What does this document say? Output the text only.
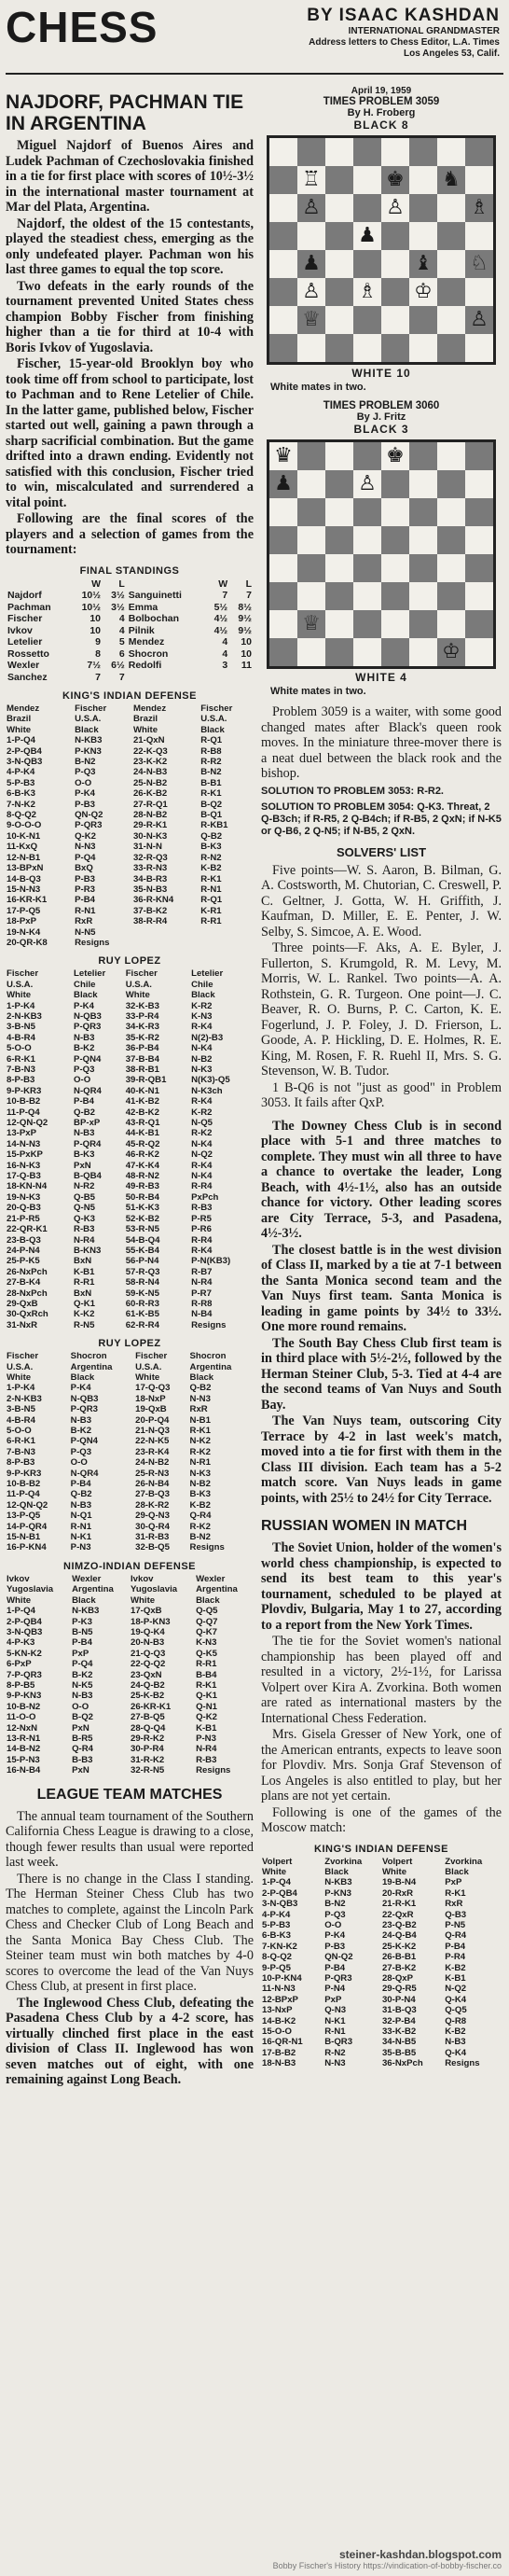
CHESS	BY ISAAC KASHDAN
INTERNATIONAL GRANDMASTER
Address letters to Chess Editor, L.A. Times
Los Angeles 53, Calif.
NAJDORF, PACHMAN TIE IN ARGENTINA

Miguel Najdorf of Buenos Aires and Ludek Pachman of Czechoslovakia finished in a tie for first place with scores of 10½-3½ in the international master tournament at Mar del Plata, Argentina.

Najdorf, the oldest of the 15 contestants, played the steadiest chess, emerging as the only undefeated player. Pachman won his last three games to equal the top score.

Two defeats in the early rounds of the tournament prevented United States chess champion Bobby Fischer from finishing higher than a tie for third at 10-4 with Boris Ivkov of Yugoslavia.

Fischer, 15-year-old Brooklyn boy who took time off from school to participate, lost to Pachman and to Rene Letelier of Chile. In the latter game, published below, Fischer started out well, gaining a pawn through a sharp sacrificial combination. But the game drifted into a drawn ending. Evidently not satisfied with this conclusion, Fischer tried to win, miscalculated and surrendered a vital point.

Following are the final scores of the players and a selection of games from the tournament:

FINAL STANDINGS
	W	L		W	L
Najdorf	10½	3½	Sanguinetti	7	7
Pachman	10½	3½	Emma	5½	8½
Fischer	10	4	Bolbochan	4½	9½
Ivkov	10	4	Pilnik	4½	9½
Letelier	9	5	Mendez	4	10
Rossetto	8	6	Shocron	4	10
Wexler	7½	6½	Redolfi	3	11
Sanchez	7	7			
KING'S INDIAN DEFENSE
Mendez	Fischer	Mendez	Fischer
Brazil	U.S.A.	Brazil	U.S.A.
White	Black	White	Black
1-P-Q4	N-KB3	21-QxN	R-Q1
2-P-QB4	P-KN3	22-K-Q3	R-B8
3-N-QB3	B-N2	23-K-K2	R-R2
4-P-K4	P-Q3	24-N-B3	B-N2
5-P-B3	O-O	25-N-B2	B-B1
6-B-K3	P-K4	26-K-B2	R-K1
7-N-K2	P-B3	27-R-Q1	B-Q2
8-Q-Q2	QN-Q2	28-N-B2	B-Q1
9-O-O-O	P-QR3	29-R-K1	R-KB1
10-K-N1	Q-K2	30-N-K3	Q-B2
11-KxQ	N-N3	31-N-N	B-K3
12-N-B1	P-Q4	32-R-Q3	R-N2
13-BPxN	BxQ	33-R-N3	K-B2
14-B-Q3	P-B3	34-B-R3	R-K1
15-N-N3	P-R3	35-N-B3	R-N1
16-KR-K1	P-B4	36-R-KN4	R-Q1
17-P-Q5	R-N1	37-B-K2	K-R1
18-PxP	RxR	38-R-R4	R-R1
19-N-K4	N-N5		
20-QR-K8	Resigns		
RUY LOPEZ
Fischer	Letelier	Fischer	Letelier
U.S.A.	Chile	U.S.A.	Chile
White	Black	White	Black
1-P-K4	P-K4	32-K-B3	K-R2
2-N-KB3	N-QB3	33-P-R4	K-N3
3-B-N5	P-QR3	34-K-R3	R-K4
4-B-R4	N-B3	35-K-R2	N(2)-B3
5-O-O	B-K2	36-P-B4	N-K4
6-R-K1	P-QN4	37-B-B4	N-B2
7-B-N3	P-Q3	38-R-B1	N-K3
8-P-B3	O-O	39-R-QB1	N(K3)-Q5
9-P-KR3	N-QR4	40-K-N1	N-K3ch
10-B-B2	P-B4	41-K-B2	R-K4
11-P-Q4	Q-B2	42-B-K2	K-R2
12-QN-Q2	BP-xP	43-R-Q1	N-Q5
13-PxP	N-B3	44-K-B1	R-K2
14-N-N3	P-QR4	45-R-Q2	N-K4
15-PxKP	B-K3	46-R-K2	N-Q2
16-N-K3	PxN	47-K-K4	R-K4
17-Q-B3	B-QB4	48-R-N2	N-K4
18-KN-N4	N-R2	49-R-B3	R-R4
19-N-K3	Q-B5	50-R-B4	PxPch
20-Q-B3	Q-N5	51-K-K3	R-B3
21-P-R5	Q-K3	52-K-B2	P-R5
22-QR-K1	R-B3	53-R-N5	P-R6
23-B-Q3	N-R4	54-B-Q4	R-R4
24-P-N4	B-KN3	55-K-B4	R-K4
25-P-K5	BxN	56-P-N4	P-N(KB3)
26-NxPch	K-B1	57-R-Q3	R-B7
27-B-K4	R-R1	58-R-N4	N-R4
28-NxPch	BxN	59-K-N5	P-R7
29-QxB	Q-K1	60-R-R3	R-R8
30-QxRch	K-K2	61-K-B5	N-B4
31-NxR	R-N5	62-R-R4	Resigns
RUY LOPEZ
Fischer	Shocron	Fischer	Shocron
U.S.A.	Argentina	U.S.A.	Argentina
White	Black	White	Black
1-P-K4	P-K4	17-Q-Q3	Q-B2
2-N-KB3	N-QB3	18-NxP	N-N3
3-B-N5	P-QR3	19-QxB	RxR
4-B-R4	N-B3	20-P-Q4	N-B1
5-O-O	B-K2	21-N-Q3	R-K1
6-R-K1	P-QN4	22-N-K5	N-K2
7-B-N3	P-Q3	23-R-K4	R-K2
8-P-B3	O-O	24-N-B2	N-R1
9-P-KR3	N-QR4	25-R-N3	N-K3
10-B-B2	P-B4	26-N-B4	N-B2
11-P-Q4	Q-B2	27-B-Q3	B-K3
12-QN-Q2	N-B3	28-K-R2	K-B2
13-P-Q5	N-Q1	29-Q-N3	Q-R4
14-P-QR4	R-N1	30-Q-R4	R-K2
15-N-B1	N-K1	31-R-B3	B-N2
16-P-KN4	P-N3	32-B-Q5	Resigns
NIMZO-INDIAN DEFENSE
Ivkov	Wexler	Ivkov	Wexler
Yugoslavia	Argentina	Yugoslavia	Argentina
White	Black	White	Black
1-P-Q4	N-KB3	17-QxB	Q-Q5
2-P-QB4	P-K3	18-P-KN3	Q-Q7
3-N-QB3	B-N5	19-Q-K4	Q-K7
4-P-K3	P-B4	20-N-B3	K-N3
5-KN-K2	PxP	21-Q-Q3	Q-K5
6-PxP	P-Q4	22-Q-Q2	R-R1
7-P-QR3	B-K2	23-QxN	B-B4
8-P-B5	N-K5	24-Q-B2	R-K1
9-P-KN3	N-B3	25-K-B2	Q-K1
10-B-N2	O-O	26-KR-K1	Q-N1
11-O-O	B-Q2	27-B-Q5	Q-K2
12-NxN	PxN	28-Q-Q4	K-B1
13-R-N1	B-R5	29-R-K2	P-N3
14-B-N2	Q-R4	30-P-R4	N-R4
15-P-N3	B-B3	31-R-K2	R-B3
16-N-B4	PxN	32-R-N5	Resigns
LEAGUE TEAM MATCHES

The annual team tournament of the Southern California Chess League is drawing to a close, though fewer results than usual were reported last week.

There is no change in the Class I standing. The Herman Steiner Chess Club has two matches to complete, against the Lincoln Park Chess and Checker Club of Long Beach and the Santa Monica Bay Chess Club. The Steiner team must win both matches by 4-0 scores to overcome the lead of the Van Nuys Chess Club, at present in first place.

The Inglewood Chess Club, defeating the Pasadena Chess Club by a 4-2 score, has virtually clinched first place in the east division of Class II. Inglewood has won seven matches out of eight, with one remaining against Long Beach.

April 19, 1959
TIMES PROBLEM 3059
By H. Froberg
BLACK 8
♖	♚ ♞
♙	♙	♗
♟
♟	♝ ♘
♙ ♗ ♔
♕	♙
WHITE 10
White mates in two.
TIMES PROBLEM 3060
By J. Fritz
BLACK 3
♛	♚
♟	♙
♕
♔
WHITE 4
White mates in two.

Problem 3059 is a waiter, with some good changed mates after Black's queen rook moves. In the miniature three-mover there is a neat duel between the black rook and the bishop.

SOLUTION TO PROBLEM 3053: R-R2.
SOLUTION TO PROBLEM 3054: Q-K3. Threat, 2 Q-B3ch; if R-R5, 2 Q-B4ch; if R-B5, 2 QxN; if N-K5 or Q-B6, 2 Q-N5; if N-B5, 2 QxN.
SOLVERS' LIST

Five points—W. S. Aaron, B. Bilman, G. A. Costsworth, M. Chutorian, C. Creswell, P. C. Geltner, J. Gotta, W. H. Griffith, J. Kaufman, D. Miller, E. E. Penter, J. W. Selby, S. Simcoe, A. E. Wood.

Three points—F. Aks, A. E. Byler, J. Fullerton, S. Krumgold, R. M. Levy, M. Morris, W. L. Rankel. Two points—A. A. Rothstein, G. R. Turgeon. One point—J. C. Beaver, R. O. Burns, P. C. Carton, K. E. Fogerlund, J. P. Foley, J. D. Frierson, L. Goode, A. P. Hickling, D. E. Holmes, R. E. King, M. Rosen, F. R. Ruehl II, Mrs. S. G. Stevenson, W. B. Tudor.

1 B-Q6 is not "just as good" in Problem 3053. It fails after QxP.

The Downey Chess Club is in second place with 5-1 and three matches to complete. They must win all three to have a chance to overtake the leader, Long Beach, with 4½-1½, also has an outside chance for victory. Other leading scores are City Terrace, 5-3, and Pasadena, 4½-3½.

The closest battle is in the west division of Class II, marked by a tie at 7-1 between the Santa Monica second team and the Van Nuys first team. Santa Monica is leading in game points by 34½ to 33½. One more round remains.

The South Bay Chess Club first team is in third place with 5½-2½, followed by the Herman Steiner Club, 5-3. Tied at 4-4 are the second teams of Van Nuys and South Bay.

The Van Nuys team, outscoring City Terrace by 4-2 in last week's match, moved into a tie for first with them in the Class III division. Each team has a 5-2 match score. Van Nuys leads in game points, with 25½ to 24½ for City Terrace.

RUSSIAN WOMEN IN MATCH

The Soviet Union, holder of the women's world chess championship, is expected to send its best team to this year's tournament, scheduled to be played at Plovdiv, Bulgaria, May 1 to 27, according to a report from the New York Times.

The tie for the Soviet women's national championship has been played off and resulted in a victory, 2½-1½, for Larissa Volpert over Kira A. Zvorkina. Both women are rated as international masters by the International Chess Federation.

Mrs. Gisela Gresser of New York, one of the American entrants, expects to leave soon for Plovdiv. Mrs. Sonja Graf Stevenson of Los Angeles is also entitled to play, but her plans are not yet certain.

Following is one of the games of the Moscow match:

KING'S INDIAN DEFENSE
Volpert	Zvorkina	Volpert	Zvorkina
White	Black	White	Black
1-P-Q4	N-KB3	19-B-N4	PxP
2-P-QB4	P-KN3	20-RxR	R-K1
3-N-QB3	B-N2	21-R-K1	RxR
4-P-K4	P-Q3	22-QxR	Q-B3
5-P-B3	O-O	23-Q-B2	P-N5
6-B-K3	P-K4	24-Q-B4	Q-R4
7-KN-K2	P-B3	25-K-K2	P-B4
8-Q-Q2	QN-Q2	26-B-B1	P-R4
9-P-Q5	P-B4	27-B-K2	K-B2
10-P-KN4	P-QR3	28-QxP	K-B1
11-N-N3	P-N4	29-Q-R5	N-Q2
12-BPxP	PxP	30-P-N4	Q-K4
13-NxP	Q-N3	31-B-Q3	Q-Q5
14-B-K2	N-K1	32-P-B4	Q-R8
15-O-O	R-N1	33-K-B2	K-B2
16-QR-N1	B-QR3	34-N-B5	N-B3
17-B-B2	R-N2	35-B-B5	Q-K4
18-N-B3	N-N3	36-NxPch	Resigns
steiner-kashdan.blogspot.com
Bobby Fischer's History https://vindication-of-bobby-fischer.co
